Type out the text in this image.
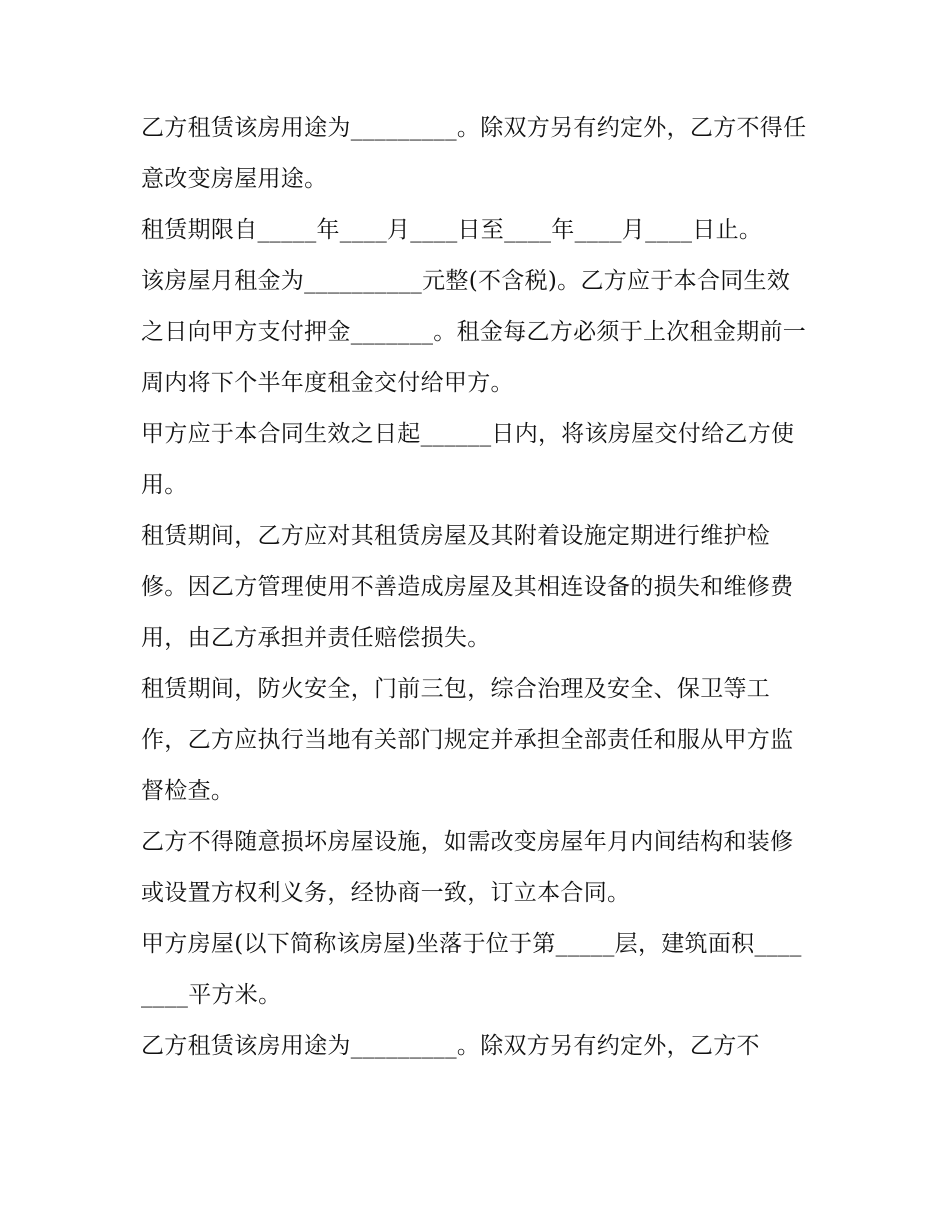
乙方租赁该房用途为_________。除双方另有约定外，乙方不得任意改变房屋用途。

租赁期限自_____年____月____日至____年____月____日止。

该房屋月租金为__________元整(不含税)。乙方应于本合同生效之日向甲方支付押金_______。租金每乙方必须于上次租金期前一周内将下个半年度租金交付给甲方。

甲方应于本合同生效之日起______日内，将该房屋交付给乙方使用。

租赁期间，乙方应对其租赁房屋及其附着设施定期进行维护检修。因乙方管理使用不善造成房屋及其相连设备的损失和维修费用，由乙方承担并责任赔偿损失。

租赁期间，防火安全，门前三包，综合治理及安全、保卫等工作，乙方应执行当地有关部门规定并承担全部责任和服从甲方监督检查。

乙方不得随意损坏房屋设施，如需改变房屋年月内间结构和装修或设置方权利义务，经协商一致，订立本合同。

甲方房屋(以下简称该房屋)坐落于位于第_____层，建筑面积________平方米。

乙方租赁该房用途为_________。除双方另有约定外，乙方不
